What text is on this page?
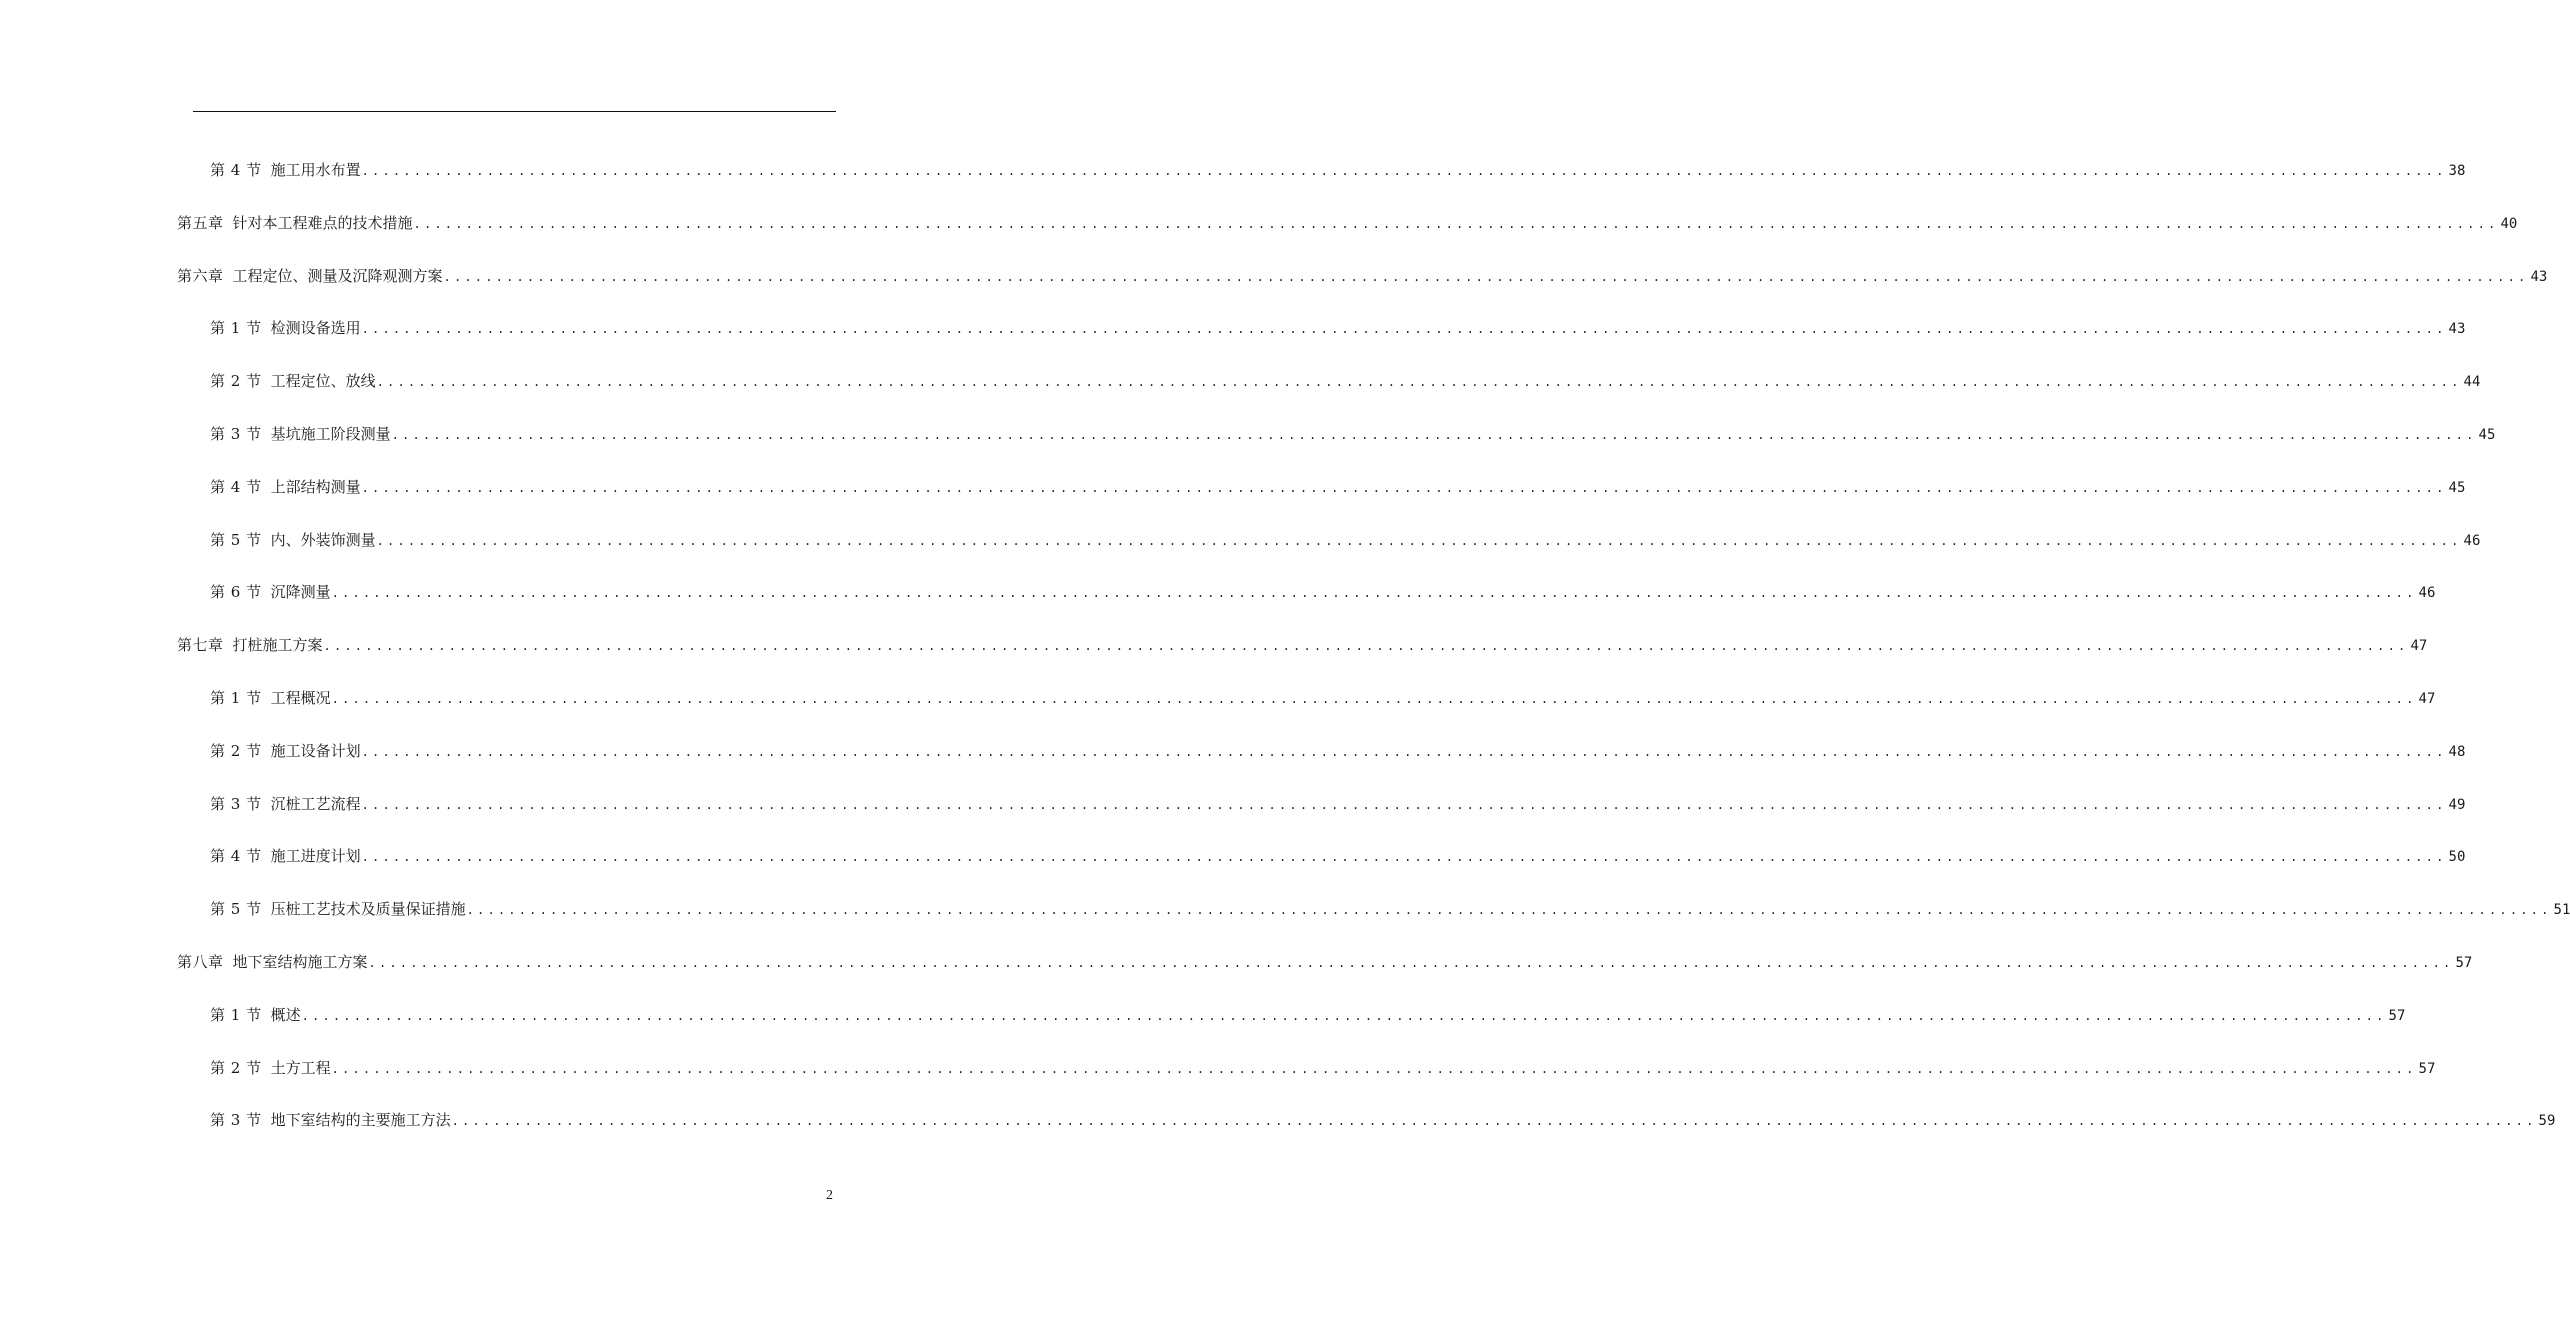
第 4 节 施工用水布置 ........................................................................................................................................................................................................ 38
第五章 针对本工程难点的技术措施 ........................................................................................................................................................................................................ 40
第六章 工程定位、测量及沉降观测方案 ........................................................................................................................................................................................................ 43
第 1 节 检测设备选用 ........................................................................................................................................................................................................ 43
第 2 节 工程定位、放线 ........................................................................................................................................................................................................ 44
第 3 节 基坑施工阶段测量 ........................................................................................................................................................................................................ 45
第 4 节 上部结构测量 ........................................................................................................................................................................................................ 45
第 5 节 内、外装饰测量 ........................................................................................................................................................................................................ 46
第 6 节 沉降测量 ........................................................................................................................................................................................................ 46
第七章 打桩施工方案 ........................................................................................................................................................................................................ 47
第 1 节 工程概况 ........................................................................................................................................................................................................ 47
第 2 节 施工设备计划 ........................................................................................................................................................................................................ 48
第 3 节 沉桩工艺流程 ........................................................................................................................................................................................................ 49
第 4 节 施工进度计划 ........................................................................................................................................................................................................ 50
第 5 节 压桩工艺技术及质量保证措施 ........................................................................................................................................................................................................ 51
第八章 地下室结构施工方案 ........................................................................................................................................................................................................ 57
第 1 节 概述 ........................................................................................................................................................................................................ 57
第 2 节 土方工程 ........................................................................................................................................................................................................ 57
第 3 节 地下室结构的主要施工方法 ........................................................................................................................................................................................................ 59
2
